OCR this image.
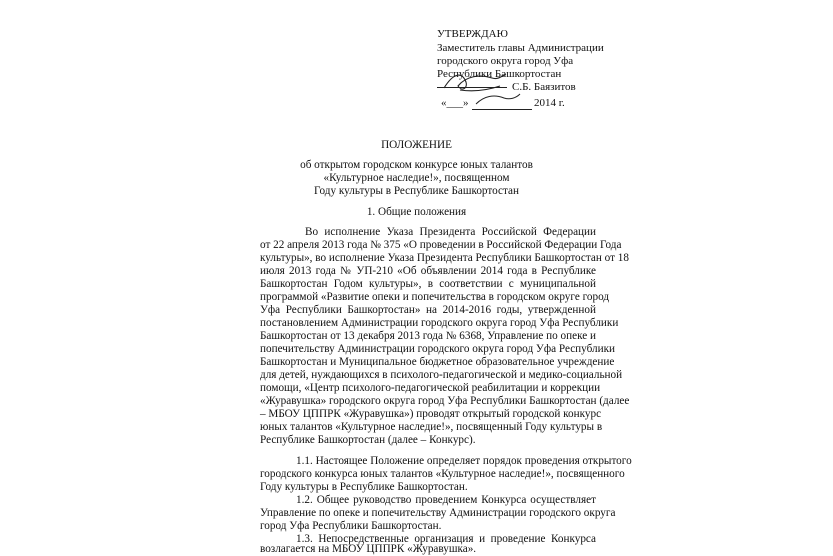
УТВЕРЖДАЮ
Заместитель главы Администрации
городского округа город Уфа
Республики Башкортостан
С.Б. Баязитов
«___»	2014 г.
ПОЛОЖЕНИЕ
об открытом городском конкурсе юных талантов
«Культурное наследие!», посвященном
Году культуры в Республике Башкортостан
1. Общие положения
Во исполнение Указа Президента Российской Федерации
от 22 апреля 2013 года № 375 «О проведении в Российской Федерации Года
культуры», во исполнение Указа Президента Республики Башкортостан от 18
июля 2013 года № УП-210 «Об объявлении 2014 года в Республике
Башкортостан Годом культуры», в соответствии с муниципальной
программой «Развитие опеки и попечительства в городском округе город
Уфа Республики Башкортостан» на 2014-2016 годы, утвержденной
постановлением Администрации городского округа город Уфа Республики
Башкортостан от 13 декабря 2013 года № 6368, Управление по опеке и
попечительству Администрации городского округа город Уфа Республики
Башкортостан и Муниципальное бюджетное образовательное учреждение
для детей, нуждающихся в психолого-педагогической и медико-социальной
помощи, «Центр психолого-педагогической реабилитации и коррекции
«Журавушка» городского округа город Уфа Республики Башкортостан (далее
– МБОУ ЦППРК «Журавушка») проводят открытый городской конкурс
юных талантов «Культурное наследие!», посвященный Году культуры в
Республике Башкортостан (далее – Конкурс).
1.1. Настоящее Положение определяет порядок проведения открытого
городского конкурса юных талантов «Культурное наследие!», посвященного
Году культуры в Республике Башкортостан.
1.2. Общее руководство проведением Конкурса осуществляет
Управление по опеке и попечительству Администрации городского округа
город Уфа Республики Башкортостан.
1.3. Непосредственные организация и проведение Конкурса
возлагается на МБОУ ЦППРК «Журавушка».
